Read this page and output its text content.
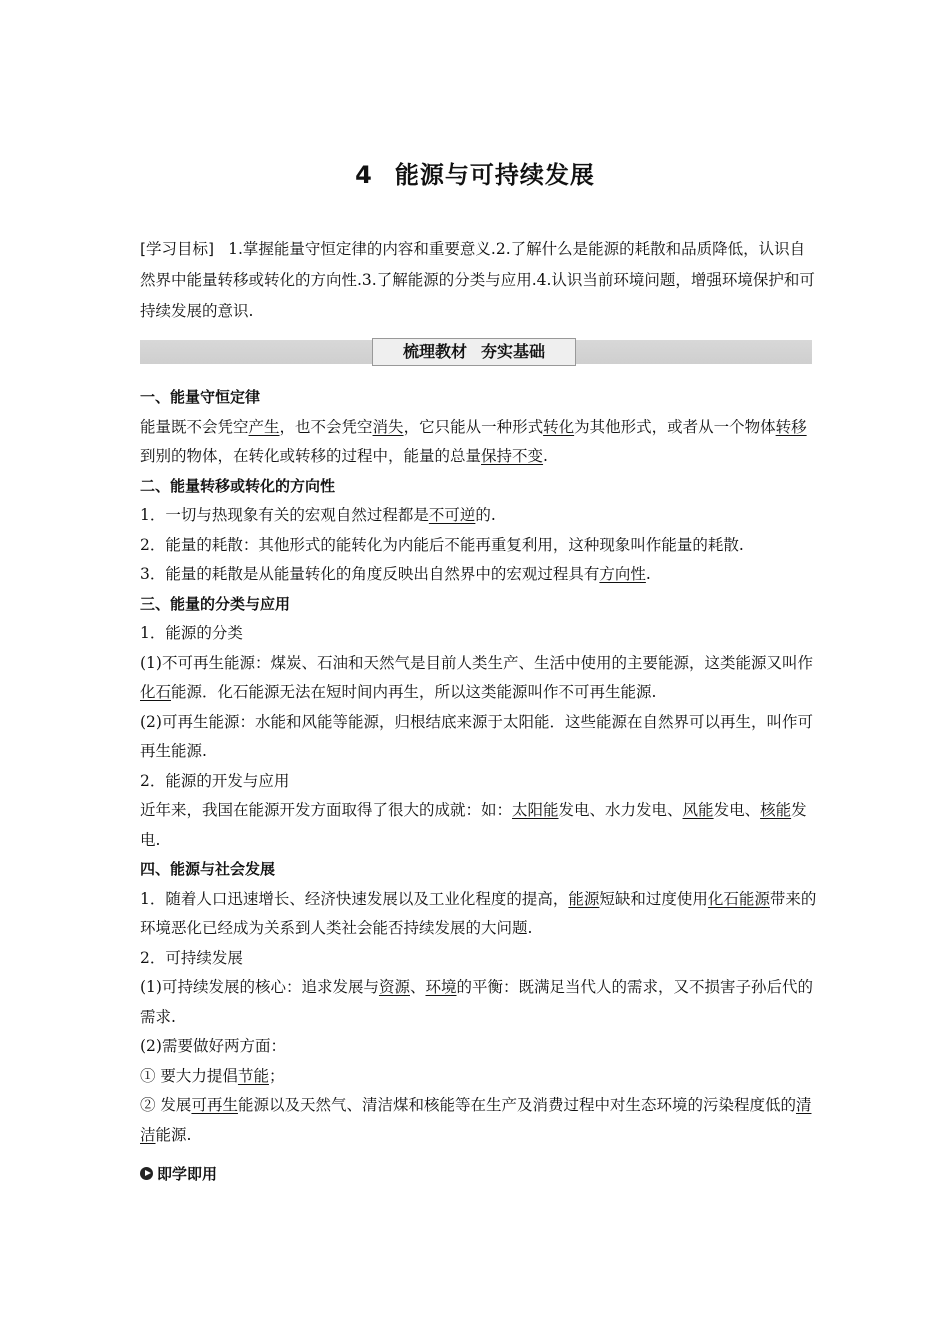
4 能源与可持续发展
[学习目标] 1.掌握能量守恒定律的内容和重要意义.2.了解什么是能源的耗散和品质降低，认识自然界中能量转移或转化的方向性.3.了解能源的分类与应用.4.认识当前环境问题，增强环境保护和可持续发展的意识.
梳理教材 夯实基础

一、能量守恒定律

能量既不会凭空产生，也不会凭空消失，它只能从一种形式转化为其他形式，或者从一个物体转移到别的物体，在转化或转移的过程中，能量的总量保持不变.

二、能量转移或转化的方向性

1．一切与热现象有关的宏观自然过程都是不可逆的.

2．能量的耗散：其他形式的能转化为内能后不能再重复利用，这种现象叫作能量的耗散.

3．能量的耗散是从能量转化的角度反映出自然界中的宏观过程具有方向性.

三、能量的分类与应用

1．能源的分类

(1)不可再生能源：煤炭、石油和天然气是目前人类生产、生活中使用的主要能源，这类能源又叫作化石能源．化石能源无法在短时间内再生，所以这类能源叫作不可再生能源.

(2)可再生能源：水能和风能等能源，归根结底来源于太阳能．这些能源在自然界可以再生，叫作可再生能源.

2．能源的开发与应用

近年来，我国在能源开发方面取得了很大的成就：如：太阳能发电、水力发电、风能发电、核能发电.

四、能源与社会发展

1．随着人口迅速增长、经济快速发展以及工业化程度的提高，能源短缺和过度使用化石能源带来的环境恶化已经成为关系到人类社会能否持续发展的大问题.

2．可持续发展

(1)可持续发展的核心：追求发展与资源、环境的平衡：既满足当代人的需求，又不损害子孙后代的需求.

(2)需要做好两方面：

① 要大力提倡节能；

② 发展可再生能源以及天然气、清洁煤和核能等在生产及消费过程中对生态环境的污染程度低的清洁能源.

即学即用
